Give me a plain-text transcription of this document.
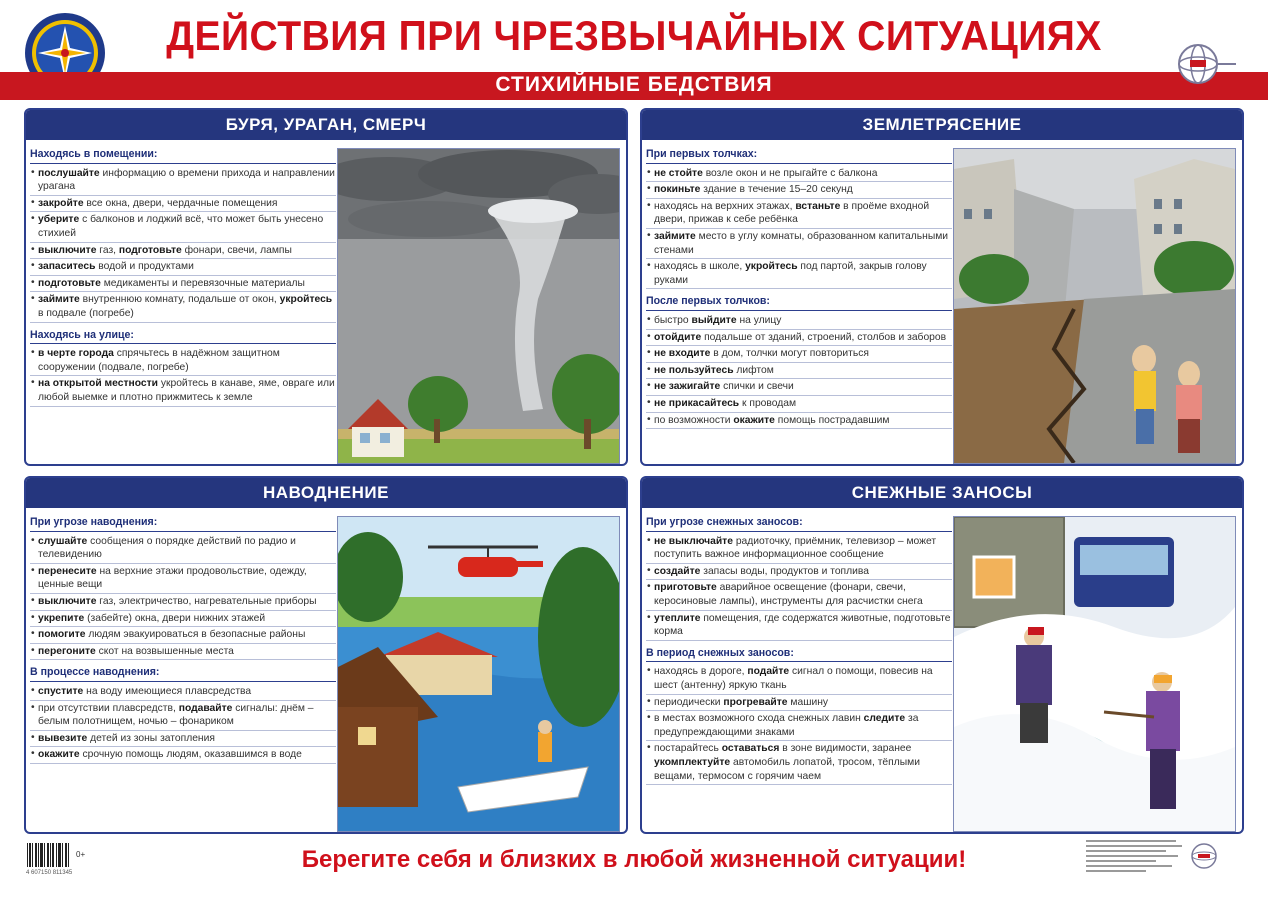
ДЕЙСТВИЯ ПРИ ЧРЕЗВЫЧАЙНЫХ СИТУАЦИЯХ
СТИХИЙНЫЕ БЕДСТВИЯ
БУРЯ, УРАГАН, СМЕРЧ
Находясь в помещении:
• послушайте информацию о времени прихода и направлении урагана
• закройте все окна, двери, чердачные помещения
• уберите с балконов и лоджий всё, что может быть унесено стихией
• выключите газ, подготовьте фонари, свечи, лампы
• запаситесь водой и продуктами
• подготовьте медикаменты и перевязочные материалы
• займите внутреннюю комнату, подальше от окон, укройтесь в подвале (погребе)
Находясь на улице:
• в черте города спрячьтесь в надёжном защитном сооружении (подвале, погребе)
• на открытой местности укройтесь в канаве, яме, овраге или любой выемке и плотно прижмитесь к земле
ЗЕМЛЕТРЯСЕНИЕ
При первых толчках:
• не стойте возле окон и не прыгайте с балкона
• покиньте здание в течение 15–20 секунд
• находясь на верхних этажах, встаньте в проёме входной двери, прижав к себе ребёнка
• займите место в углу комнаты, образованном капитальными стенами
• находясь в школе, укройтесь под партой, закрыв голову руками
После первых толчков:
• быстро выйдите на улицу
• отойдите подальше от зданий, строений, столбов и заборов
• не входите в дом, толчки могут повториться
• не пользуйтесь лифтом
• не зажигайте спички и свечи
• не прикасайтесь к проводам
• по возможности окажите помощь пострадавшим
НАВОДНЕНИЕ
При угрозе наводнения:
• слушайте сообщения о порядке действий по радио и телевидению
• перенесите на верхние этажи продовольствие, одежду, ценные вещи
• выключите газ, электричество, нагревательные приборы
• укрепите (забейте) окна, двери нижних этажей
• помогите людям эвакуироваться в безопасные районы
• перегоните скот на возвышенные места
В процессе наводнения:
• спустите на воду имеющиеся плавсредства
• при отсутствии плавсредств, подавайте сигналы: днём – белым полотнищем, ночью – фонариком
• вывезите детей из зоны затопления
• окажите срочную помощь людям, оказавшимся в воде
СНЕЖНЫЕ ЗАНОСЫ
При угрозе снежных заносов:
• не выключайте радиоточку, приёмник, телевизор – может поступить важное информационное сообщение
• создайте запасы воды, продуктов и топлива
• приготовьте аварийное освещение (фонари, свечи, керосиновые лампы), инструменты для расчистки снега
• утеплите помещения, где содержатся животные, подготовьте корма
В период снежных заносов:
• находясь в дороге, подайте сигнал о помощи, повесив на шест (антенну) яркую ткань
• периодически прогревайте машину
• в местах возможного схода снежных лавин следите за предупреждающими знаками
• постарайтесь оставаться в зоне видимости, заранее укомплектуйте автомобиль лопатой, тросом, тёплыми вещами, термосом с горячим чаем
4 607150 811345
0+	Берегите себя и близких в любой жизненной ситуации!
